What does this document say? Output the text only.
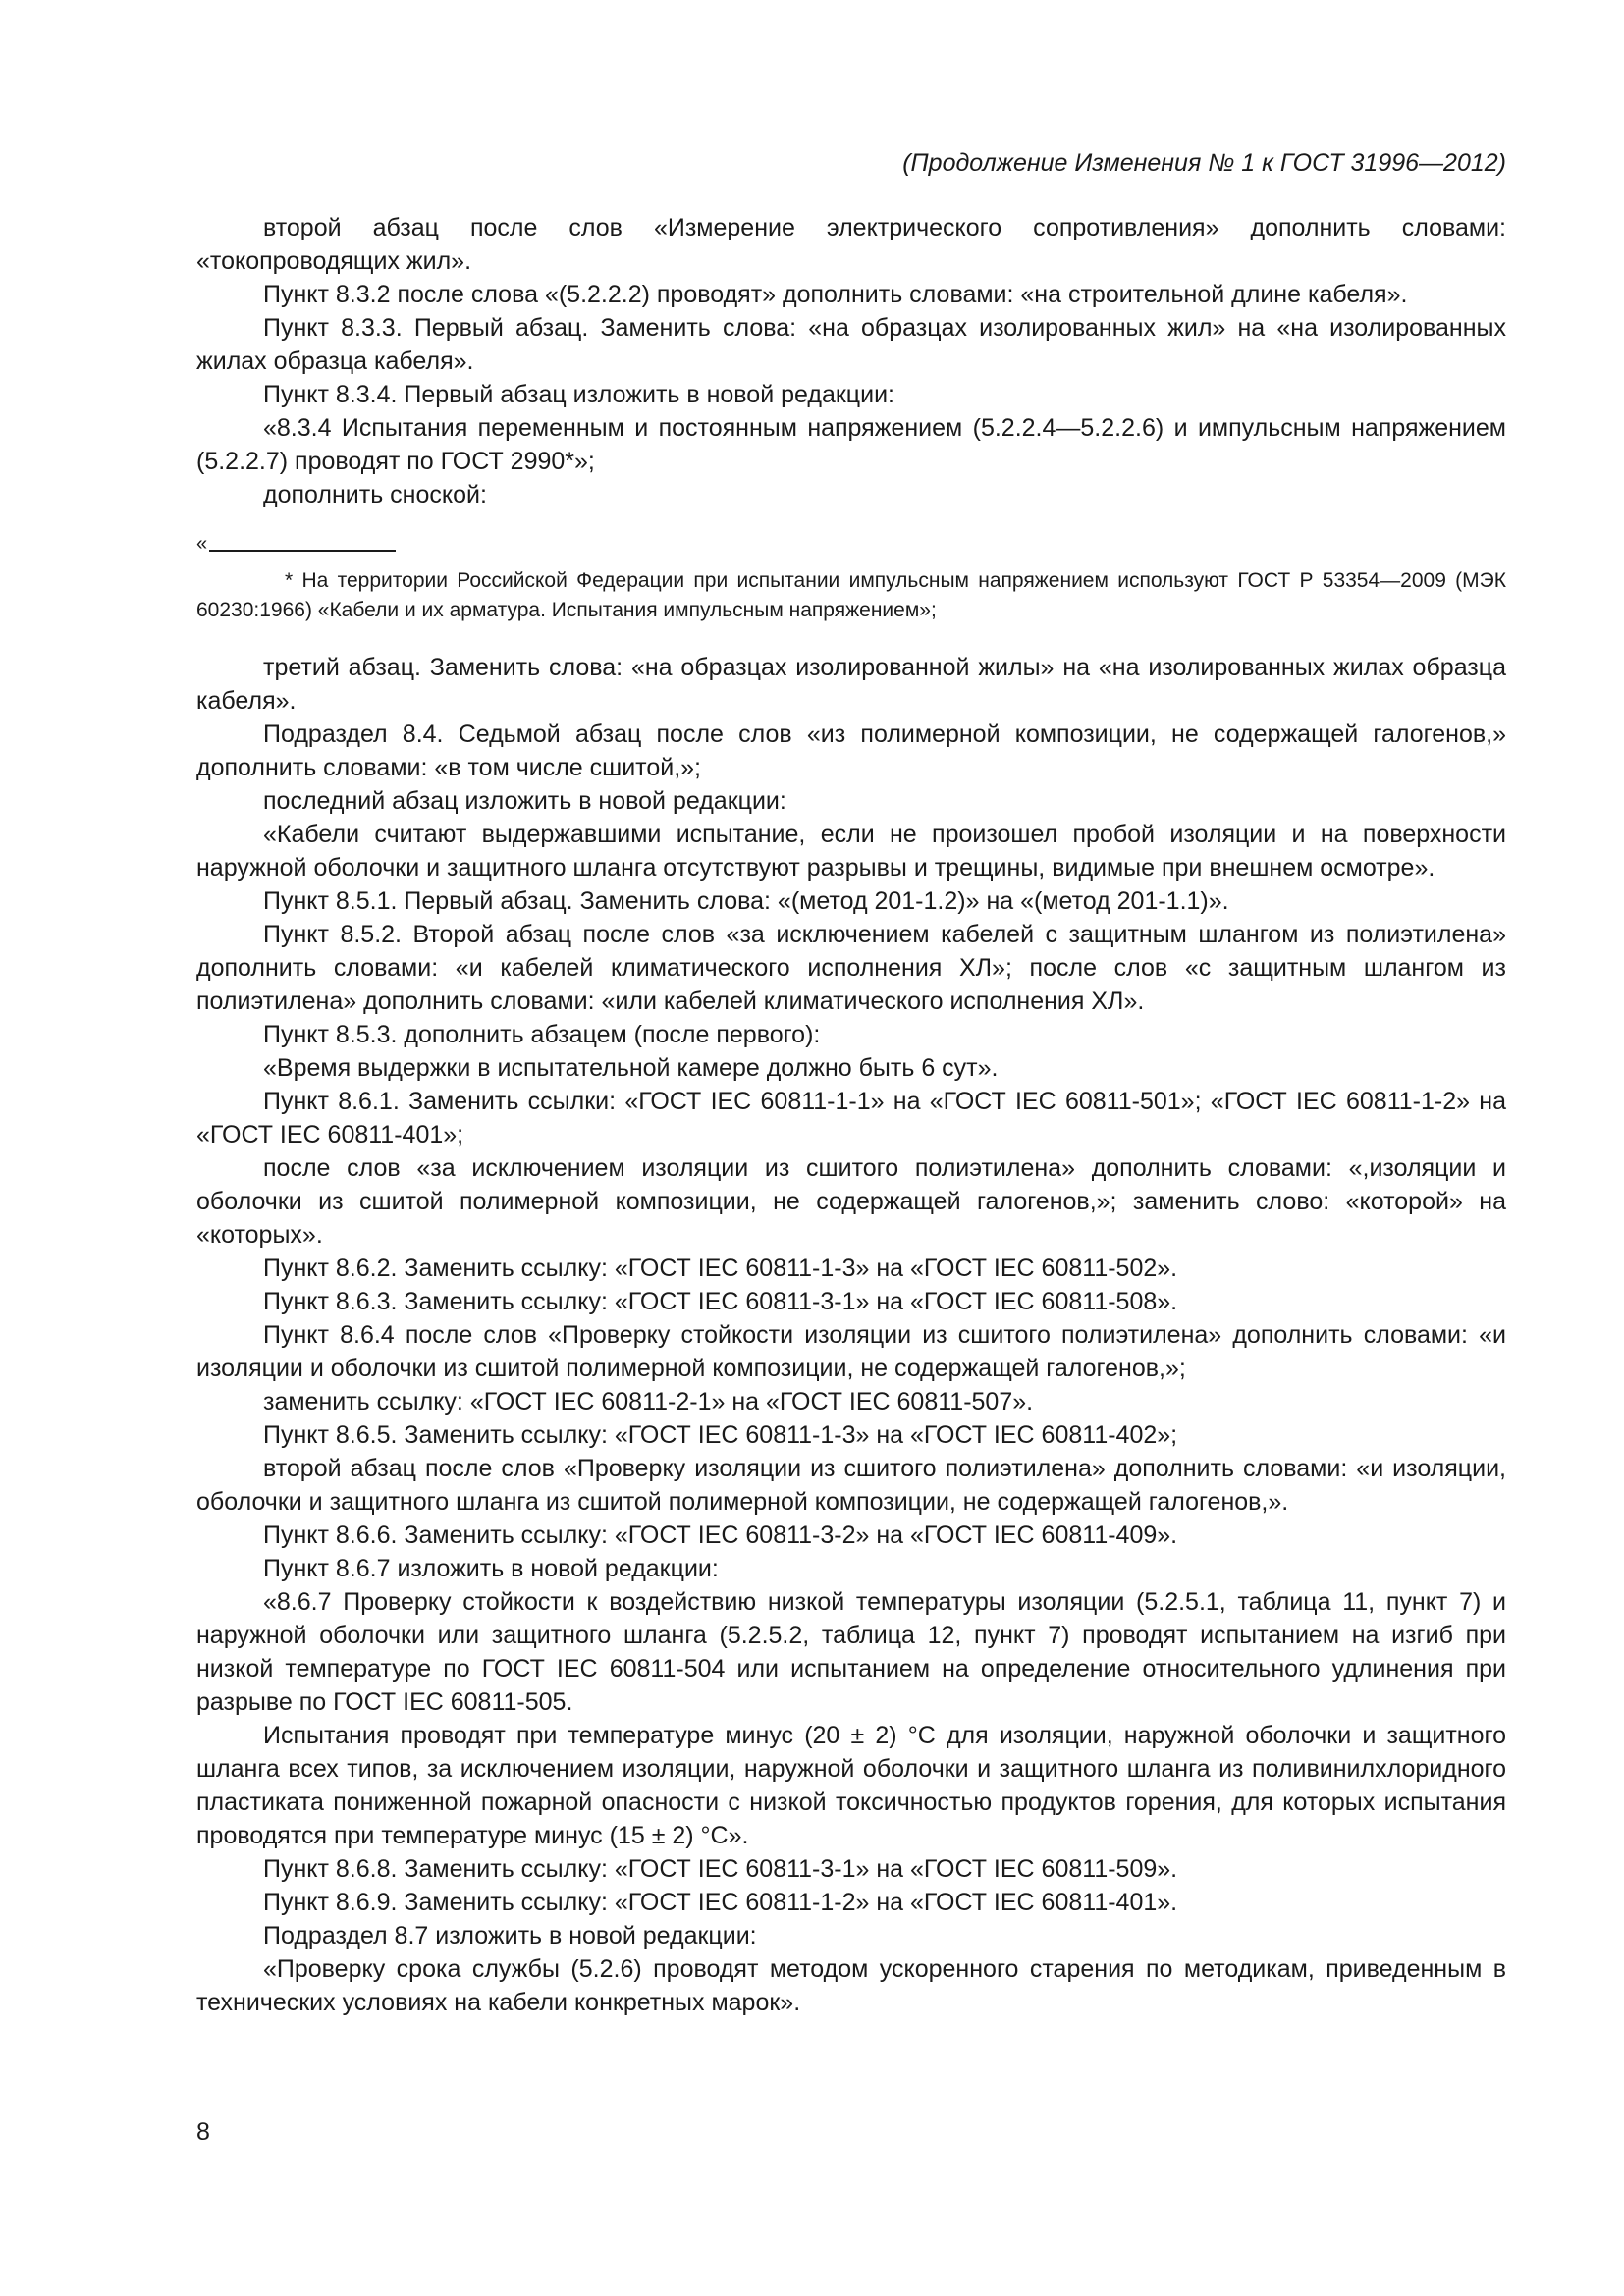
(Продолжение Изменения № 1 к ГОСТ 31996—2012)

второй абзац после слов «Измерение электрического сопротивления» дополнить словами: «токопроводящих жил».

Пункт 8.3.2 после слова «(5.2.2.2) проводят» дополнить словами: «на строительной длине кабеля».

Пункт 8.3.3. Первый абзац. Заменить слова: «на образцах изолированных жил» на «на изолированных жилах образца кабеля».

Пункт 8.3.4. Первый абзац изложить в новой редакции:

«8.3.4 Испытания переменным и постоянным напряжением (5.2.2.4—5.2.2.6) и импульсным напряжением (5.2.2.7) проводят по ГОСТ 2990*»;

дополнить сноской:

«

* На территории Российской Федерации при испытании импульсным напряжением используют ГОСТ Р 53354—2009 (МЭК 60230:1966) «Кабели и их арматура. Испытания импульсным напряжением»;

третий абзац. Заменить слова: «на образцах изолированной жилы» на «на изолированных жилах образца кабеля».

Подраздел 8.4. Седьмой абзац после слов «из полимерной композиции, не содержащей галогенов,» дополнить словами: «в том числе сшитой,»;

последний абзац изложить в новой редакции:

«Кабели считают выдержавшими испытание, если не произошел пробой изоляции и на поверхности наружной оболочки и защитного шланга отсутствуют разрывы и трещины, видимые при внешнем осмотре».

Пункт 8.5.1. Первый абзац. Заменить слова: «(метод 201-1.2)» на «(метод 201-1.1)».

Пункт 8.5.2. Второй абзац после слов «за исключением кабелей с защитным шлангом из полиэтилена» дополнить словами: «и кабелей климатического исполнения ХЛ»; после слов «с защитным шлангом из полиэтилена» дополнить словами: «или кабелей климатического исполнения ХЛ».

Пункт 8.5.3. дополнить абзацем (после первого):

«Время выдержки в испытательной камере должно быть 6 сут».

Пункт 8.6.1. Заменить ссылки: «ГОСТ IEC 60811-1-1» на «ГОСТ IEC 60811-501»; «ГОСТ IEC 60811-1-2» на «ГОСТ IEC 60811-401»;

после слов «за исключением изоляции из сшитого полиэтилена» дополнить словами: «,изоляции и оболочки из сшитой полимерной композиции, не содержащей галогенов,»; заменить слово: «которой» на «которых».

Пункт 8.6.2. Заменить ссылку: «ГОСТ IEC 60811-1-3» на «ГОСТ IEC 60811-502».

Пункт 8.6.3. Заменить ссылку: «ГОСТ IEC 60811-3-1» на «ГОСТ IEC 60811-508».

Пункт 8.6.4 после слов «Проверку стойкости изоляции из сшитого полиэтилена» дополнить словами: «и изоляции и оболочки из сшитой полимерной композиции, не содержащей галогенов,»;

заменить ссылку: «ГОСТ IEC 60811-2-1» на «ГОСТ IEC 60811-507».

Пункт 8.6.5. Заменить ссылку: «ГОСТ IEC 60811-1-3» на «ГОСТ IEC 60811-402»;

второй абзац после слов «Проверку изоляции из сшитого полиэтилена» дополнить словами: «и изоляции, оболочки и защитного шланга из сшитой полимерной композиции, не содержащей галогенов,».

Пункт 8.6.6. Заменить ссылку: «ГОСТ IEC 60811-3-2» на «ГОСТ IEC 60811-409».

Пункт 8.6.7 изложить в новой редакции:

«8.6.7 Проверку стойкости к воздействию низкой температуры изоляции (5.2.5.1, таблица 11, пункт 7) и наружной оболочки или защитного шланга (5.2.5.2, таблица 12, пункт 7) проводят испытанием на изгиб при низкой температуре по ГОСТ IEC 60811-504 или испытанием на определение относительного удлинения при разрыве по ГОСТ IEC 60811-505.

Испытания проводят при температуре минус (20 ± 2) °С для изоляции, наружной оболочки и защитного шланга всех типов, за исключением изоляции, наружной оболочки и защитного шланга из поливинилхлоридного пластиката пониженной пожарной опасности с низкой токсичностью продуктов горения, для которых испытания проводятся при температуре минус (15 ± 2) °С».

Пункт 8.6.8. Заменить ссылку: «ГОСТ IEC 60811-3-1» на «ГОСТ IEC 60811-509».

Пункт 8.6.9. Заменить ссылку: «ГОСТ IEC 60811-1-2» на «ГОСТ IEC 60811-401».

Подраздел 8.7 изложить в новой редакции:

«Проверку срока службы (5.2.6) проводят методом ускоренного старения по методикам, приведенным в технических условиях на кабели конкретных марок».

8
